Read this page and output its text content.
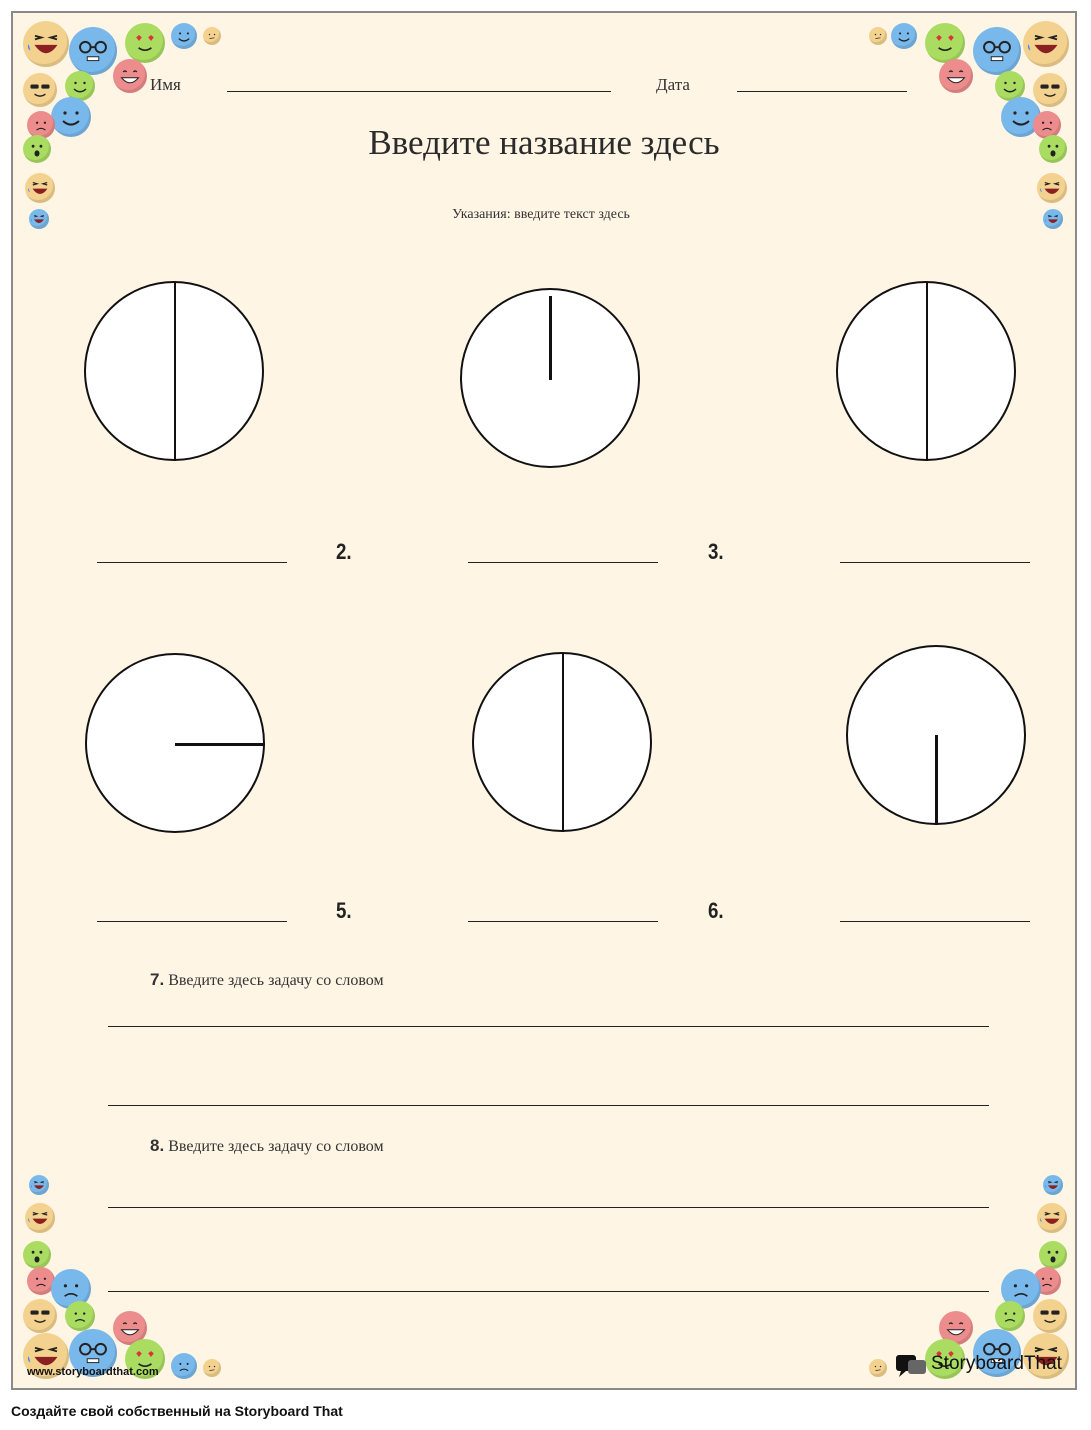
Имя	Дата
Введите название здесь
Указания: введите текст здесь
2.	3.
5.	6.
7. Введите здесь задачу со словом
8. Введите здесь задачу со словом
www.storyboardthat.com	StoryboardThat
Создайте свой собственный на Storyboard That
